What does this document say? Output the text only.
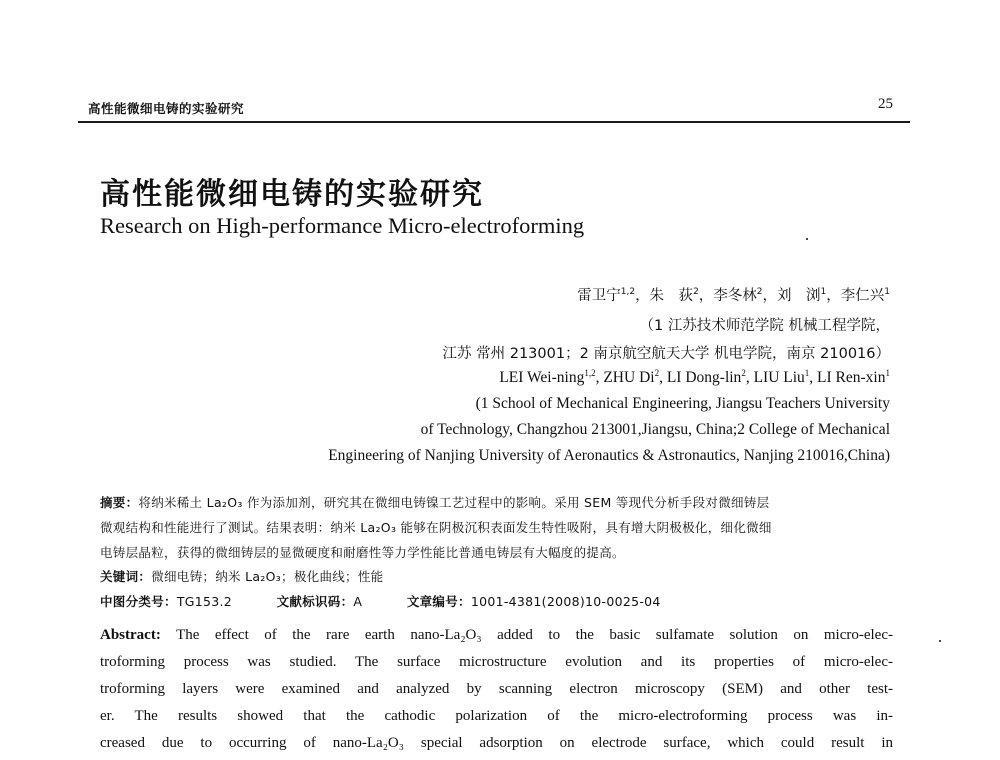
高性能微细电铸的实验研究	25
高性能微细电铸的实验研究
Research on High-performance Micro-electroforming
雷卫宁$^{1,2}$，朱　荻$^2$，李冬林$^2$，刘　浏$^1$，李仁兴$^1$
（1 江苏技术师范学院 机械工程学院，
江苏 常州 213001；2 南京航空航天大学 机电学院，南京 210016）
LEI Wei-ning$^{1,2}$, ZHU Di$^2$, LI Dong-lin$^2$, LIU Liu$^1$, LI Ren-xin$^1$
(1 School of Mechanical Engineering, Jiangsu Teachers University
of Technology, Changzhou 213001,Jiangsu, China;2 College of Mechanical
Engineering of Nanjing University of Aeronautics & Astronautics, Nanjing 210016,China)
摘要：将纳米稀土 La₂O₃ 作为添加剂，研究其在微细电铸镍工艺过程中的影响。采用 SEM 等现代分析手段对微细铸层
微观结构和性能进行了测试。结果表明：纳米 La₂O₃ 能够在阴极沉积表面发生特性吸附，具有增大阴极极化，细化微细
电铸层晶粒，获得的微细铸层的显微硬度和耐磨性等力学性能比普通电铸层有大幅度的提高。
关键词：微细电铸；纳米 La₂O₃；极化曲线；性能
中图分类号：TG153.2	文献标识码：A	文章编号：1001-4381(2008)10-0025-04
Abstract: The effect of the rare earth nano-La₂O₃ added to the basic sulfamate solution on micro-elec-
troforming process was studied. The surface microstructure evolution and its properties of micro-elec-
troforming layers were examined and analyzed by scanning electron microscopy (SEM) and other test-
er. The results showed that the cathodic polarization of the micro-electroforming process was in-
creased due to occurring of nano-La₂O₃ special adsorption on electrode surface, which could result in
